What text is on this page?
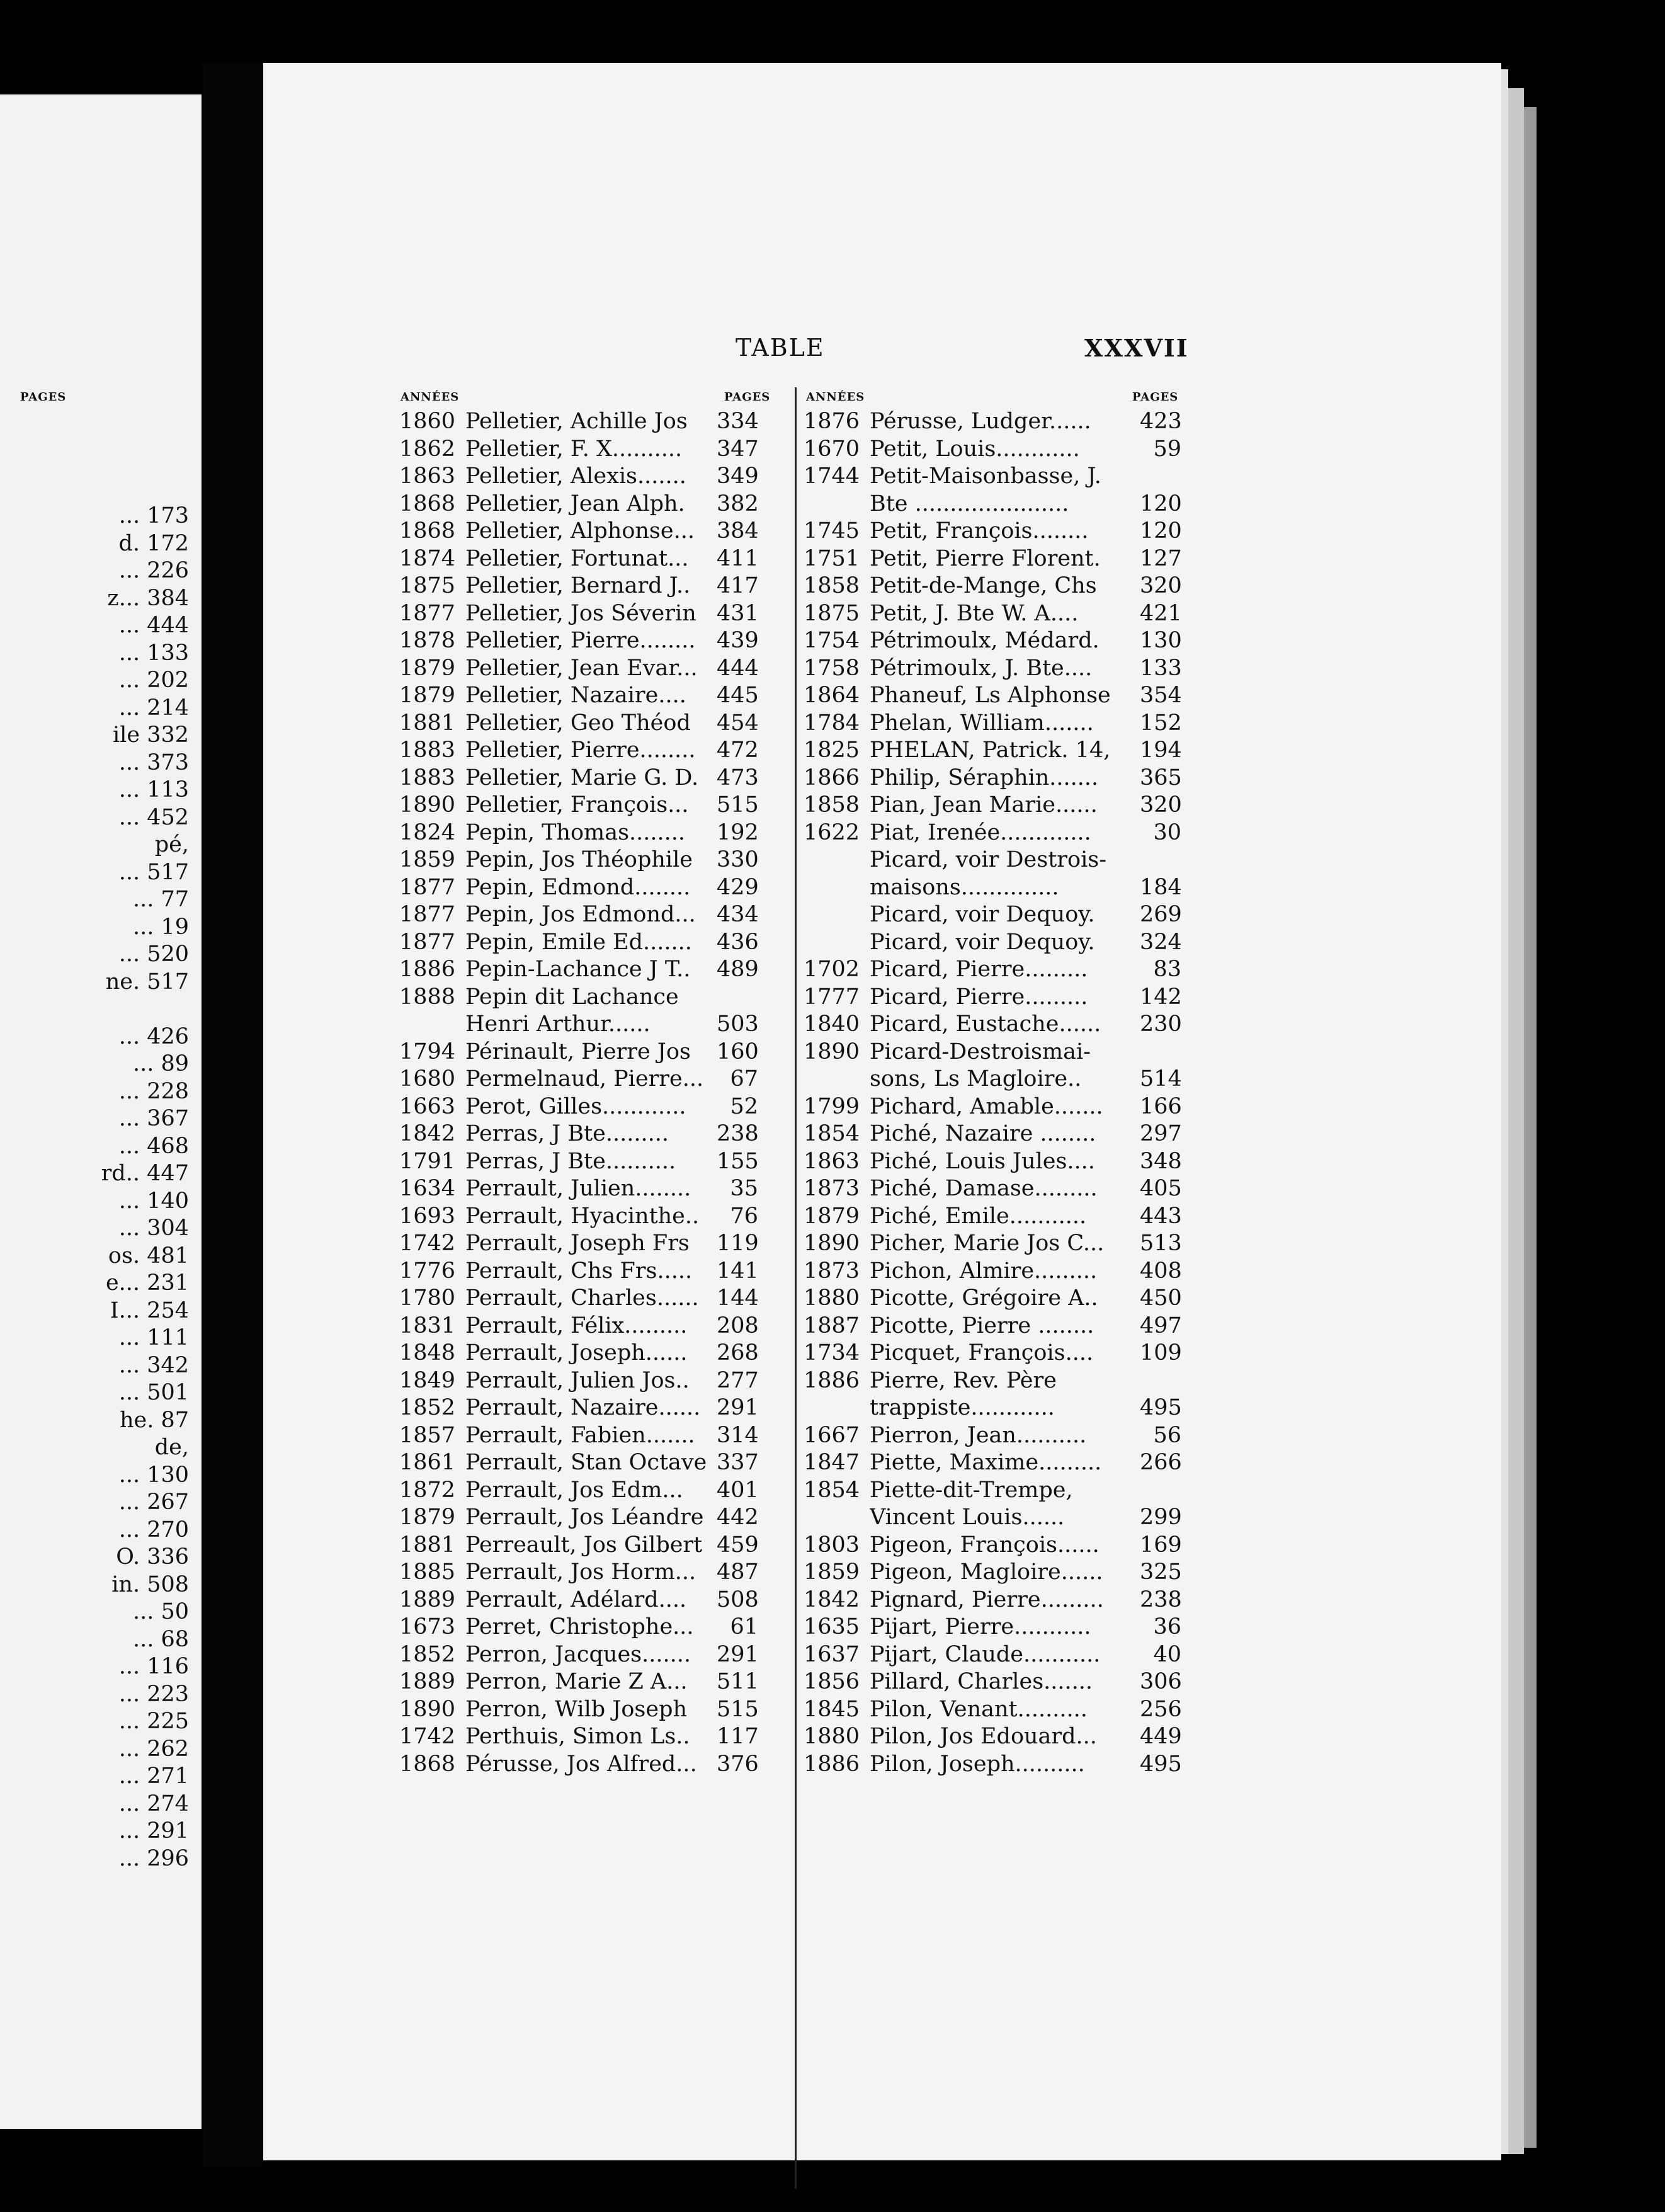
PAGES
... 173
d. 172
... 226
z... 384
... 444
... 133
... 202
... 214
ile 332
... 373
... 113
... 452
pé,
... 517
... 77
... 19
... 520
ne. 517
... 426
... 89
... 228
... 367
... 468
rd.. 447
... 140
... 304
os. 481
e... 231
I... 254
... 111
... 342
... 501
he. 87
de,
... 130
... 267
... 270
O. 336
in. 508
... 50
... 68
... 116
... 223
... 225
... 262
... 271
... 274
... 291
... 296
TABLE	XXXVII
ANNÉES	PAGES	ANNÉES	PAGES
1860 Pelletier, Achille Jos	334
1862 Pelletier, F. X..........	347
1863 Pelletier, Alexis.......	349
1868 Pelletier, Jean Alph.	382
1868 Pelletier, Alphonse...	384
1874 Pelletier, Fortunat...	411
1875 Pelletier, Bernard J..	417
1877 Pelletier, Jos Séverin 431
1878 Pelletier, Pierre........ 439
1879 Pelletier, Jean Evar... 444
1879 Pelletier, Nazaire....	445
1881 Pelletier, Geo Théod	454
1883 Pelletier, Pierre........ 472
1883 Pelletier, Marie G. D. 473
1890 Pelletier, François...	515
1824 Pepin, Thomas........	192
1859 Pepin, Jos Théophile	330
1877 Pepin, Edmond........	429
1877 Pepin, Jos Edmond... 434
1877 Pepin, Emile Ed.......	436
1886 Pepin-Lachance J T..	489
1888 Pepin dit Lachance
Henri Arthur......	503
1794 Périnault, Pierre Jos	160
1680 Permelnaud, Pierre...	67
1663 Perot, Gilles............	52
1842 Perras, J Bte.........	238
1791 Perras, J Bte..........	155
1634 Perrault, Julien........	35
1693 Perrault, Hyacinthe..	76
1742 Perrault, Joseph Frs	119
1776 Perrault, Chs Frs.....	141
1780 Perrault, Charles...... 144
1831 Perrault, Félix.........	208
1848 Perrault, Joseph......	268
1849 Perrault, Julien Jos..	277
1852 Perrault, Nazaire...... 291
1857 Perrault, Fabien....... 314
1861 Perrault, Stan Octave 337
1872 Perrault, Jos Edm...	401
1879 Perrault, Jos Léandre 442
1881 Perreault, Jos Gilbert 459
1885 Perrault, Jos Horm... 487
1889 Perrault, Adélard....	508
1673 Perret, Christophe...	61
1852 Perron, Jacques.......	291
1889 Perron, Marie Z A...	511
1890 Perron, Wilb Joseph	515
1742 Perthuis, Simon Ls..	117
1868 Pérusse, Jos Alfred... 376
1876 Pérusse, Ludger......	423
1670 Petit, Louis............	59
1744 Petit-Maisonbasse, J.
Bte ......................	120
1745 Petit, François........	120
1751 Petit, Pierre Florent.	127
1858 Petit-de-Mange, Chs	320
1875 Petit, J. Bte W. A....	421
1754 Pétrimoulx, Médard.	130
1758 Pétrimoulx, J. Bte....	133
1864 Phaneuf, Ls Alphonse	354
1784 Phelan, William.......	152
1825 PHELAN, Patrick. 14,	194
1866 Philip, Séraphin.......	365
1858 Pian, Jean Marie......	320
1622 Piat, Irenée.............	30
Picard, voir Destrois-
maisons..............	184
Picard, voir Dequoy.	269
Picard, voir Dequoy.	324
1702 Picard, Pierre.........	83
1777 Picard, Pierre.........	142
1840 Picard, Eustache......	230
1890 Picard-Destroismai-
sons, Ls Magloire..	514
1799 Pichard, Amable.......	166
1854 Piché, Nazaire ........	297
1863 Piché, Louis Jules....	348
1873 Piché, Damase.........	405
1879 Piché, Emile...........	443
1890 Picher, Marie Jos C...	513
1873 Pichon, Almire.........	408
1880 Picotte, Grégoire A..	450
1887 Picotte, Pierre ........	497
1734 Picquet, François....	109
1886 Pierre, Rev. Père
trappiste............	495
1667 Pierron, Jean..........	56
1847 Piette, Maxime.........	266
1854 Piette-dit-Trempe,
Vincent Louis......	299
1803 Pigeon, François......	169
1859 Pigeon, Magloire......	325
1842 Pignard, Pierre.........	238
1635 Pijart, Pierre...........	36
1637 Pijart, Claude...........	40
1856 Pillard, Charles.......	306
1845 Pilon, Venant..........	256
1880 Pilon, Jos Edouard...	449
1886 Pilon, Joseph..........	495
